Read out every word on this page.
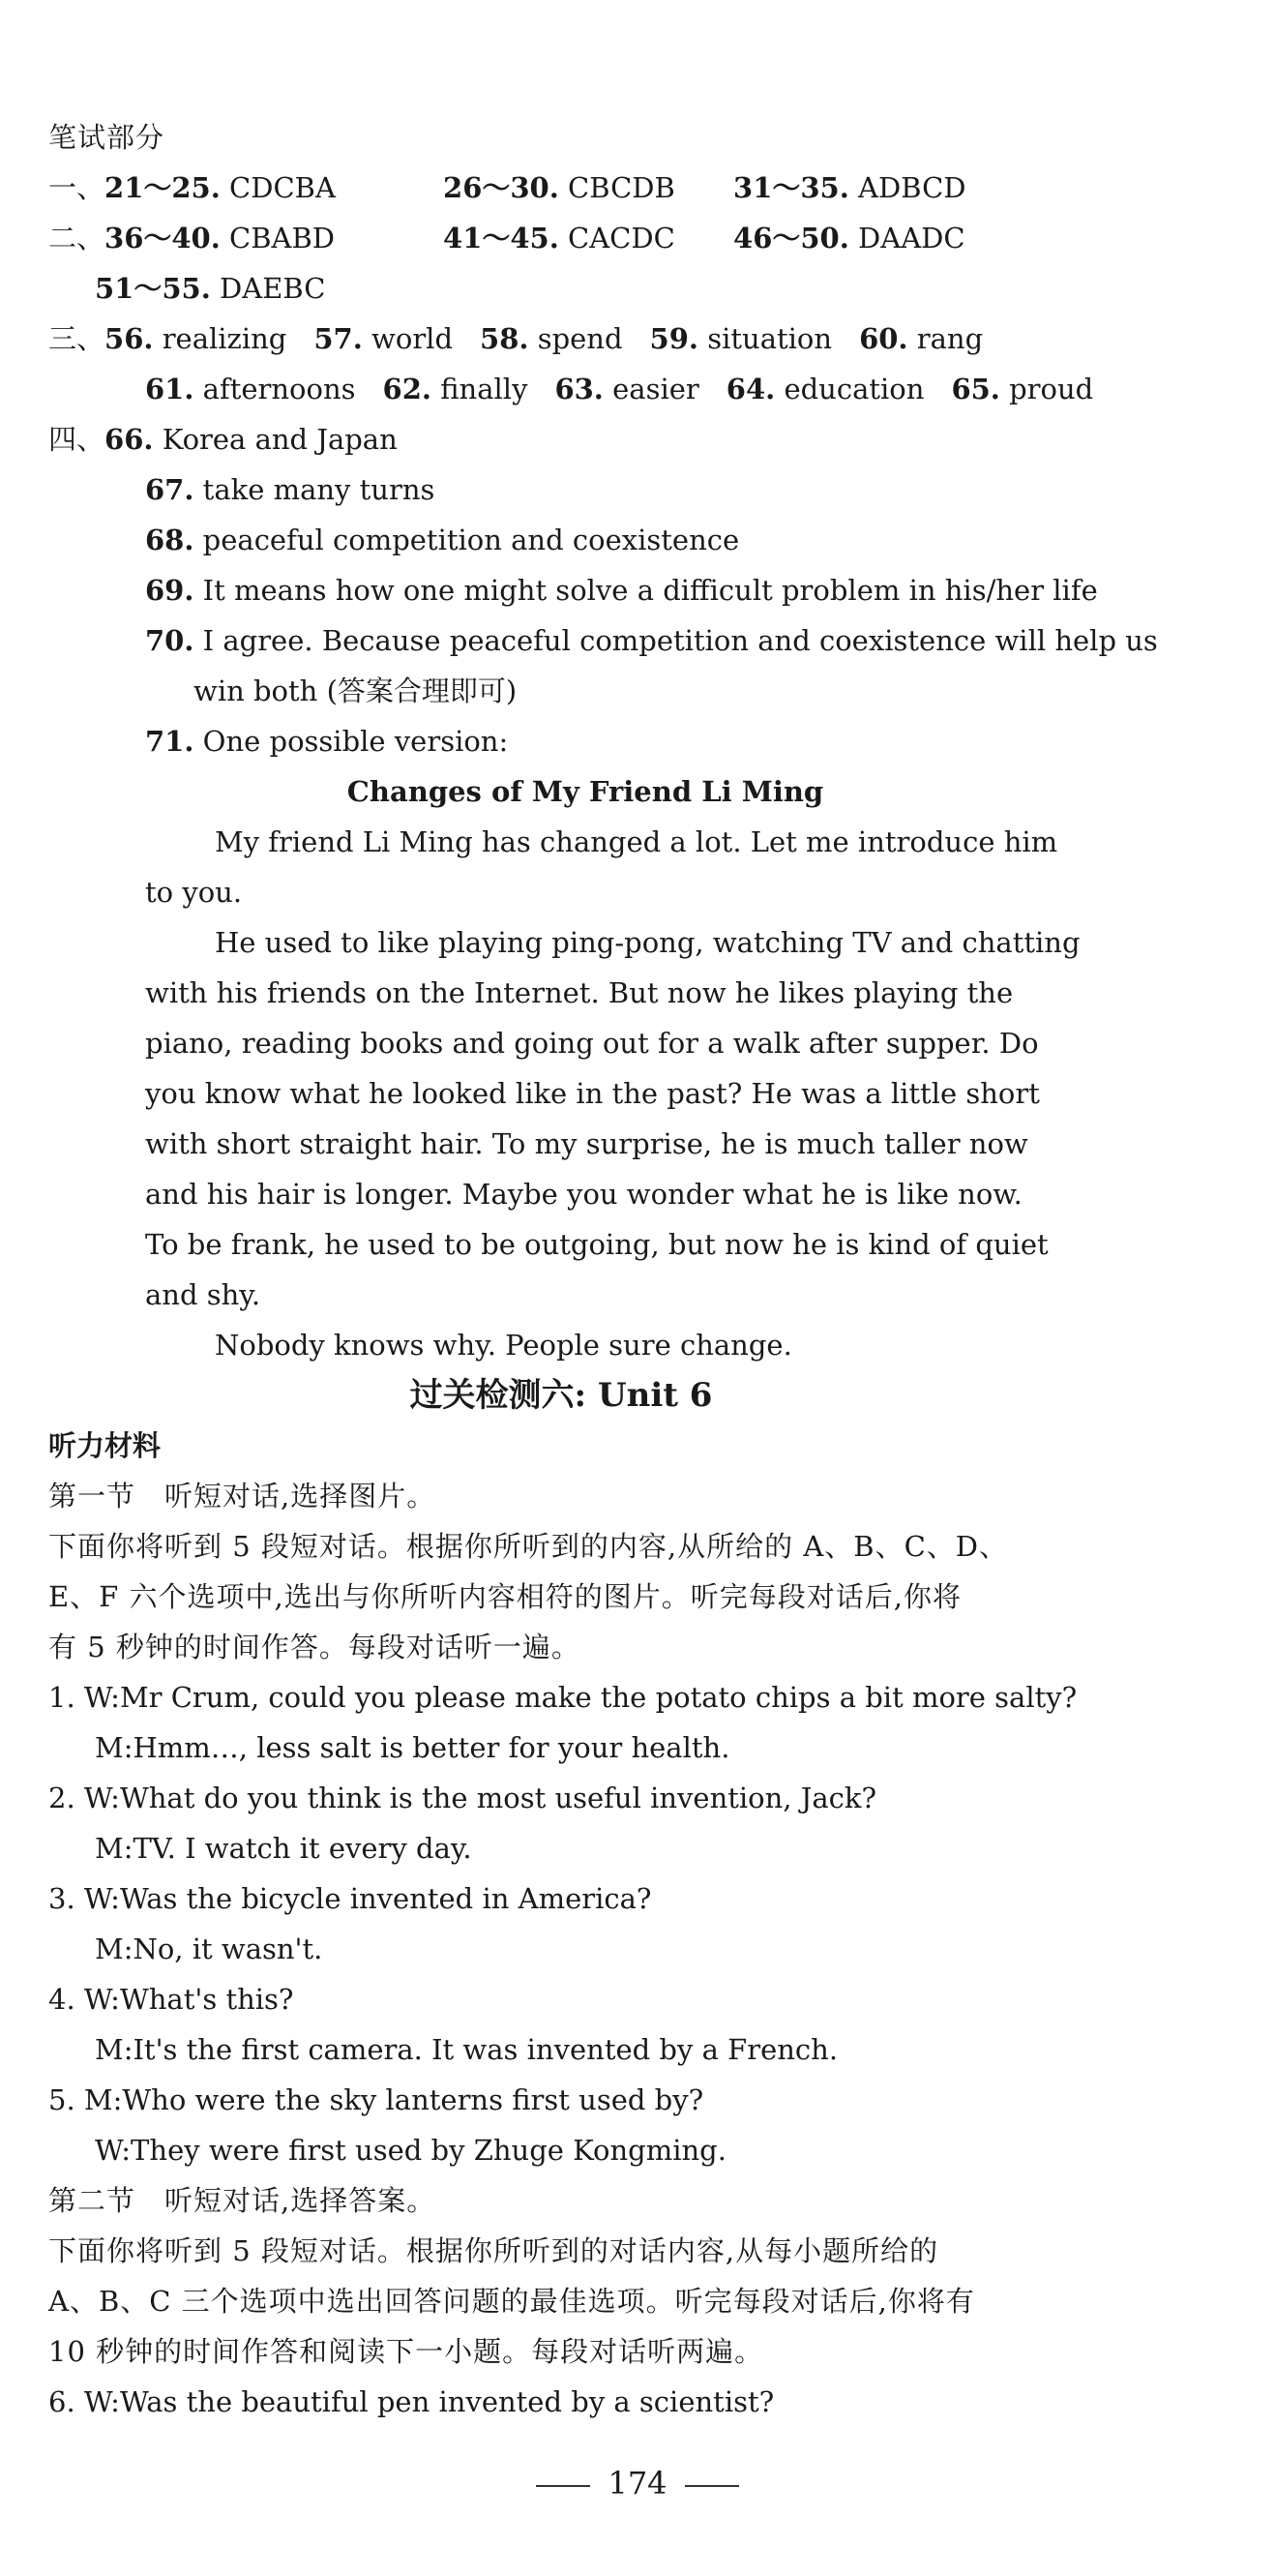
笔试部分
一、21～25. CDCBA	26～30. CBCDB 31～35. ADBCD
二、36～40. CBABD	41～45. CACDC 46～50. DAADC
51～55. DAEBC
三、56. realizing 57. world 58. spend 59. situation 60. rang
61. afternoons 62. finally 63. easier 64. education 65. proud
四、66. Korea and Japan
67. take many turns
68. peaceful competition and coexistence
69. It means how one might solve a difficult problem in his/her life
70. I agree. Because peaceful competition and coexistence will help us
win both (答案合理即可)
71. One possible version:
Changes of My Friend Li Ming
My friend Li Ming has changed a lot. Let me introduce him
to you.
He used to like playing ping-pong, watching TV and chatting
with his friends on the Internet. But now he likes playing the
piano, reading books and going out for a walk after supper. Do
you know what he looked like in the past? He was a little short
with short straight hair. To my surprise, he is much taller now
and his hair is longer. Maybe you wonder what he is like now.
To be frank, he used to be outgoing, but now he is kind of quiet
and shy.
Nobody knows why. People sure change.
过关检测六: Unit 6
听力材料
第一节　听短对话,选择图片。
下面你将听到 5 段短对话。根据你所听到的内容,从所给的 A、B、C、D、
E、F 六个选项中,选出与你所听内容相符的图片。听完每段对话后,你将
有 5 秒钟的时间作答。每段对话听一遍。
1. W:Mr Crum, could you please make the potato chips a bit more salty?
M:Hmm…, less salt is better for your health.
2. W:What do you think is the most useful invention, Jack?
M:TV. I watch it every day.
3. W:Was the bicycle invented in America?
M:No, it wasn't.
4. W:What's this?
M:It's the first camera. It was invented by a French.
5. M:Who were the sky lanterns first used by?
W:They were first used by Zhuge Kongming.
第二节　听短对话,选择答案。
下面你将听到 5 段短对话。根据你所听到的对话内容,从每小题所给的
A、B、C 三个选项中选出回答问题的最佳选项。听完每段对话后,你将有
10 秒钟的时间作答和阅读下一小题。每段对话听两遍。
6. W:Was the beautiful pen invented by a scientist?
174
